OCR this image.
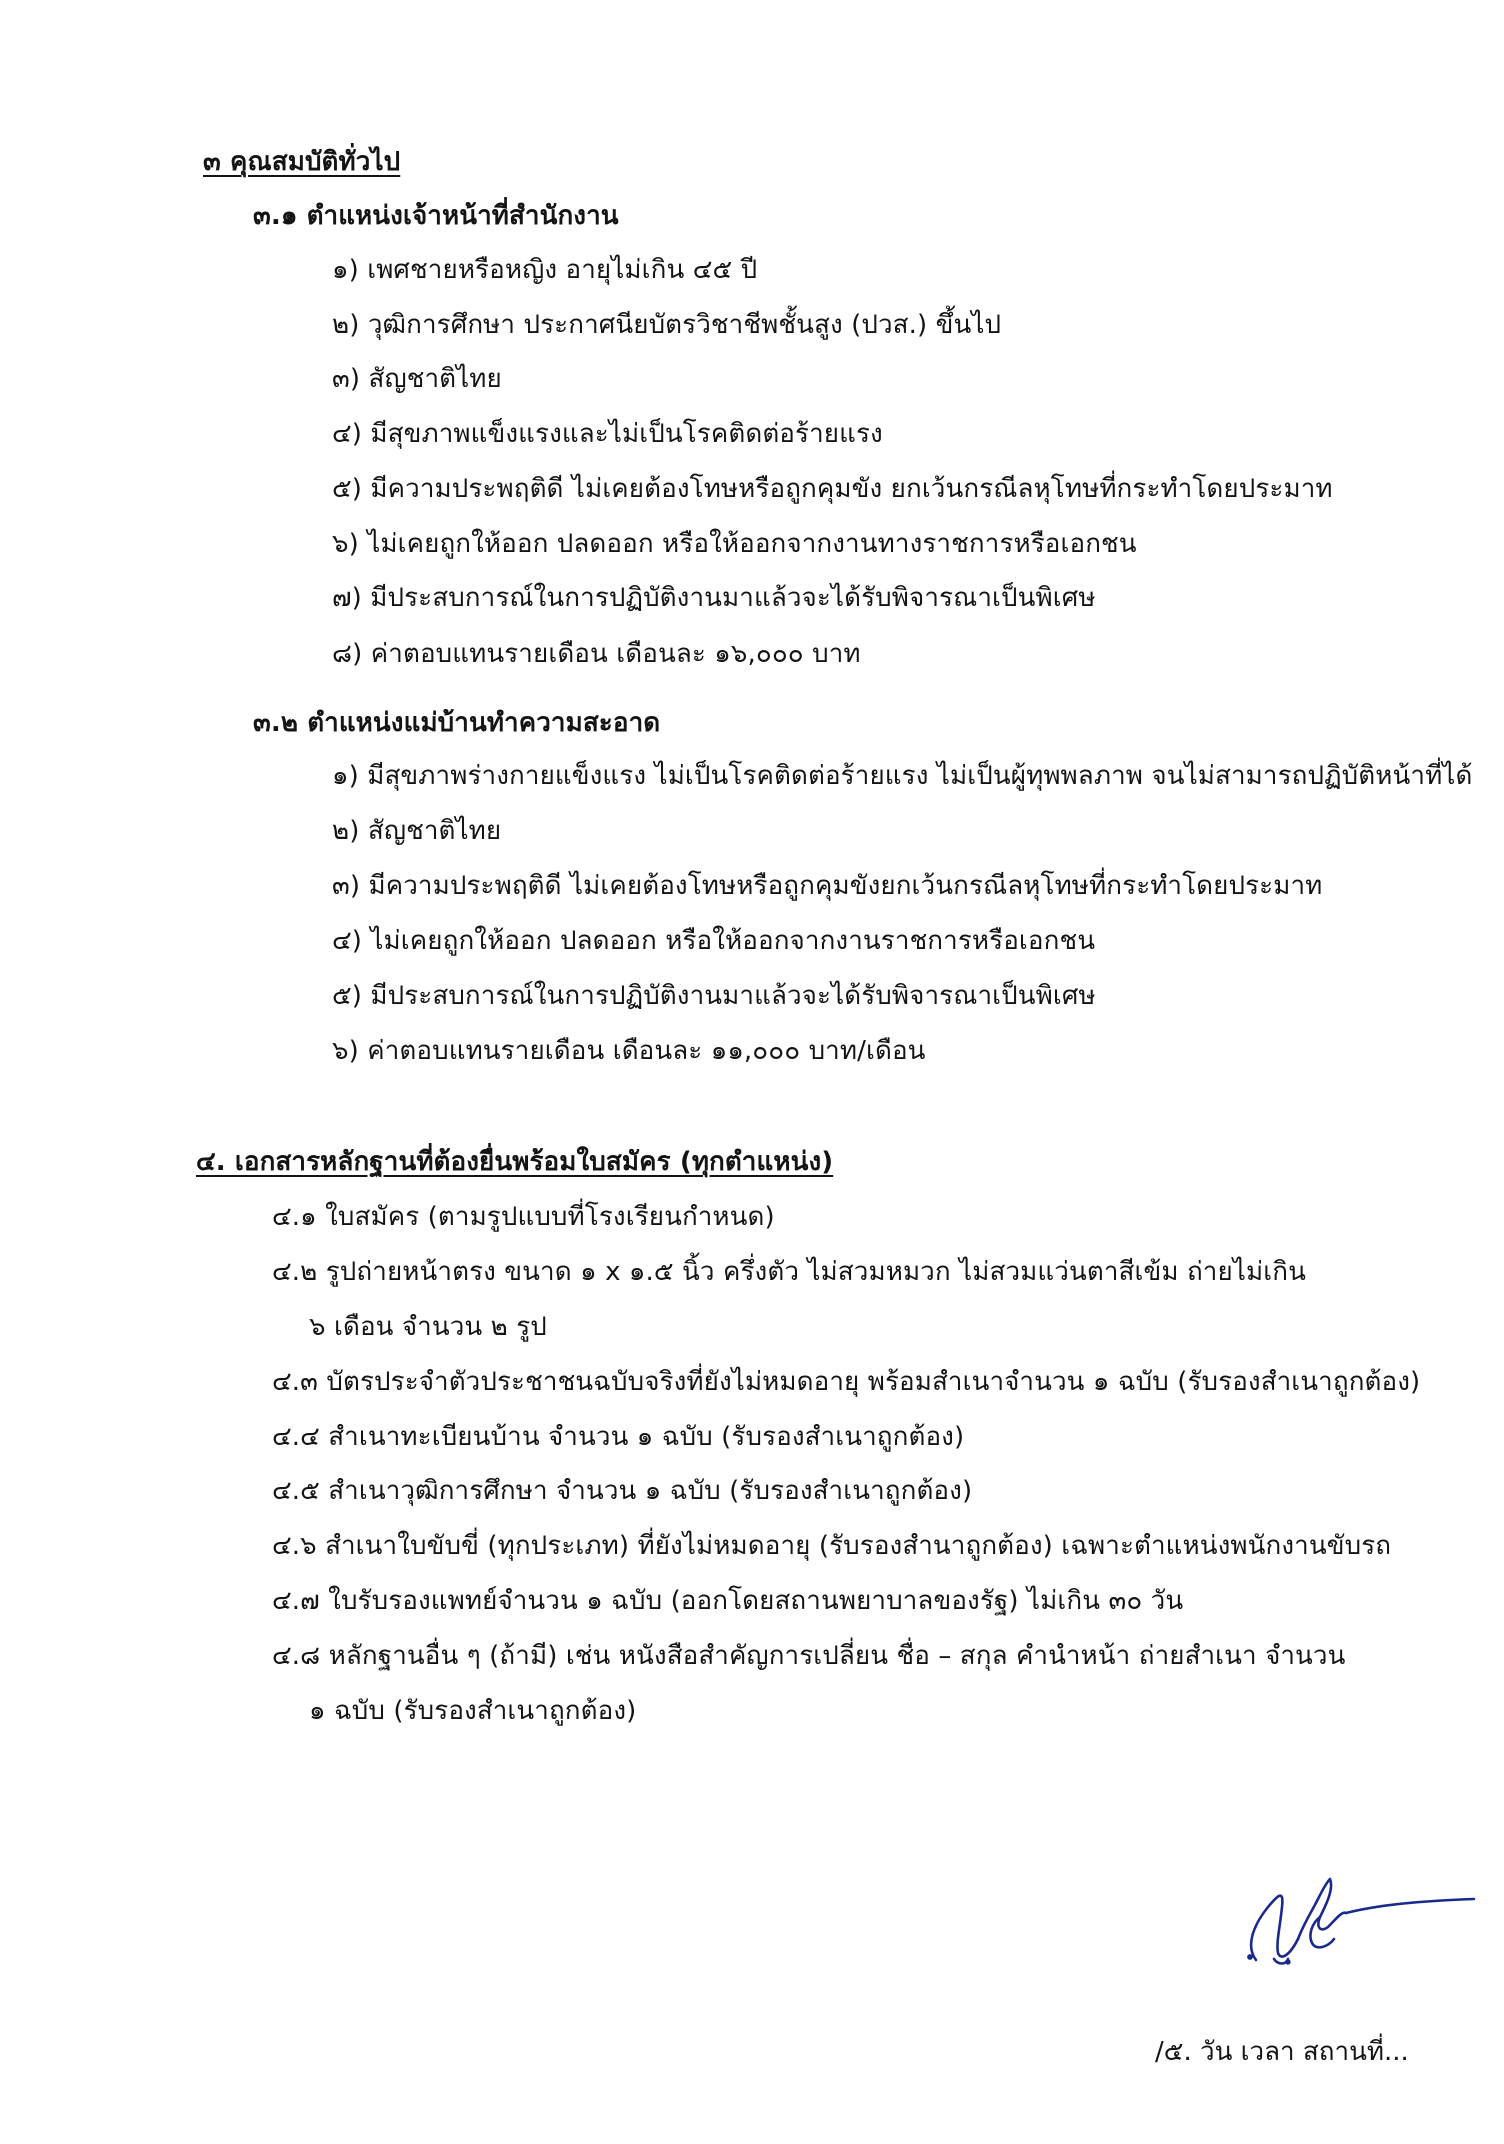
๓ คุณสมบัติทั่วไป
๓.๑ ตำแหน่งเจ้าหน้าที่สำนักงาน
๑) เพศชายหรือหญิง อายุไม่เกิน ๔๕ ปี
๒) วุฒิการศึกษา ประกาศนียบัตรวิชาชีพชั้นสูง (ปวส.) ขึ้นไป
๓) สัญชาติไทย
๔) มีสุขภาพแข็งแรงและไม่เป็นโรคติดต่อร้ายแรง
๕) มีความประพฤติดี ไม่เคยต้องโทษหรือถูกคุมขัง ยกเว้นกรณีลหุโทษที่กระทำโดยประมาท
๖) ไม่เคยถูกให้ออก ปลดออก หรือให้ออกจากงานทางราชการหรือเอกชน
๗) มีประสบการณ์ในการปฏิบัติงานมาแล้วจะได้รับพิจารณาเป็นพิเศษ
๘) ค่าตอบแทนรายเดือน เดือนละ ๑๖,๐๐๐ บาท
๓.๒ ตำแหน่งแม่บ้านทำความสะอาด
๑) มีสุขภาพร่างกายแข็งแรง ไม่เป็นโรคติดต่อร้ายแรง ไม่เป็นผู้ทุพพลภาพ จนไม่สามารถปฏิบัติหน้าที่ได้
๒) สัญชาติไทย
๓) มีความประพฤติดี ไม่เคยต้องโทษหรือถูกคุมขังยกเว้นกรณีลหุโทษที่กระทำโดยประมาท
๔) ไม่เคยถูกให้ออก ปลดออก หรือให้ออกจากงานราชการหรือเอกชน
๕) มีประสบการณ์ในการปฏิบัติงานมาแล้วจะได้รับพิจารณาเป็นพิเศษ
๖) ค่าตอบแทนรายเดือน เดือนละ ๑๑,๐๐๐ บาท/เดือน
๔. เอกสารหลักฐานที่ต้องยื่นพร้อมใบสมัคร (ทุกตำแหน่ง)
๔.๑ ใบสมัคร (ตามรูปแบบที่โรงเรียนกำหนด)
๔.๒ รูปถ่ายหน้าตรง ขนาด ๑ x ๑.๕ นิ้ว ครึ่งตัว ไม่สวมหมวก ไม่สวมแว่นตาสีเข้ม ถ่ายไม่เกิน
๖ เดือน จำนวน ๒ รูป
๔.๓ บัตรประจำตัวประชาชนฉบับจริงที่ยังไม่หมดอายุ พร้อมสำเนาจำนวน ๑ ฉบับ (รับรองสำเนาถูกต้อง)
๔.๔ สำเนาทะเบียนบ้าน จำนวน ๑ ฉบับ (รับรองสำเนาถูกต้อง)
๔.๕ สำเนาวุฒิการศึกษา จำนวน ๑ ฉบับ (รับรองสำเนาถูกต้อง)
๔.๖ สำเนาใบขับขี่ (ทุกประเภท) ที่ยังไม่หมดอายุ (รับรองสำนาถูกต้อง) เฉพาะตำแหน่งพนักงานขับรถ
๔.๗ ใบรับรองแพทย์จำนวน ๑ ฉบับ (ออกโดยสถานพยาบาลของรัฐ) ไม่เกิน ๓๐ วัน
๔.๘ หลักฐานอื่น ๆ (ถ้ามี) เช่น หนังสือสำคัญการเปลี่ยน ชื่อ – สกุล คำนำหน้า ถ่ายสำเนา จำนวน
๑ ฉบับ (รับรองสำเนาถูกต้อง)
/๕. วัน เวลา สถานที่...
